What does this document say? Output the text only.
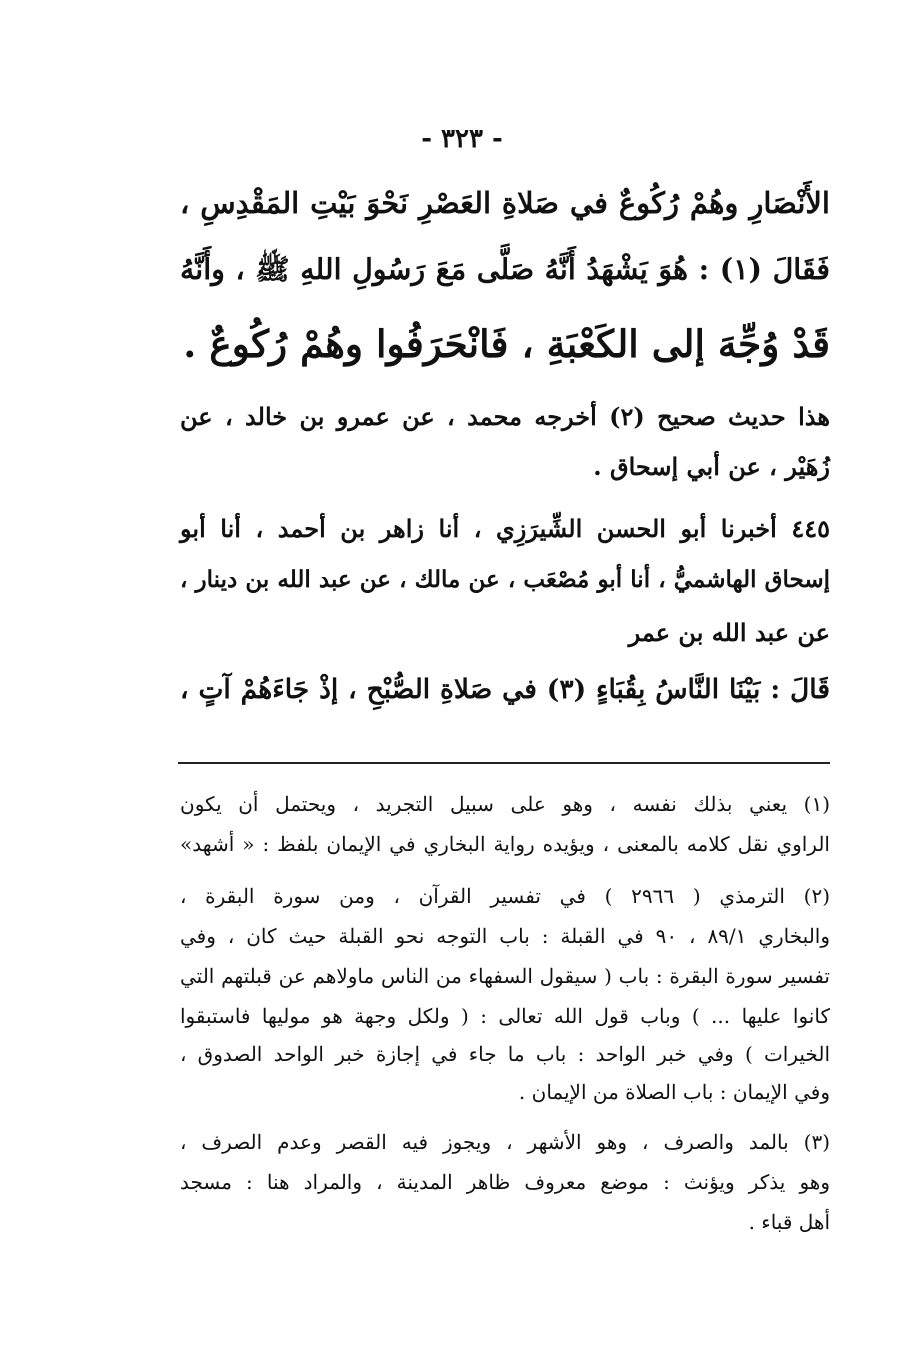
- ٣٢٣ -
الأَنْصَارِ وهُمْ رُكُوعٌ في صَلاةِ العَصْرِ نَحْوَ بَيْتِ المَقْدِسِ ،
فَقَالَ (١) : هُوَ يَشْهَدُ أَنَّهُ صَلَّى مَعَ رَسُولِ اللهِ ﷺ ، وأَنَّهُ
قَدْ وُجِّهَ إلى الكَعْبَةِ ، فَانْحَرَفُوا وهُمْ رُكُوعٌ .
هذا حديث صحيح (٢) أخرجه محمد ، عن عمرو بن خالد ، عن
زُهَيْر ، عن أبي إسحاق .
٤٤٥ أخبرنا أبو الحسن الشِّيرَزِي ، أنا زاهر بن أحمد ، أنا أبو
إسحاق الهاشميُّ ، أنا أبو مُصْعَب ، عن مالك ، عن عبد الله بن دينار ،
عن عبد الله بن عمر
قَالَ : بَيْنَا النَّاسُ بِقُبَاءٍ (٣) في صَلاةِ الصُّبْحِ ، إذْ جَاءَهُمْ آتٍ ،
(١) يعني بذلك نفسه ، وهو على سبيل التجريد ، ويحتمل أن يكون
الراوي نقل كلامه بالمعنى ، ويؤيده رواية البخاري في الإيمان بلفظ : « أشهد»
(٢) الترمذي ( ٢٩٦٦ ) في تفسير القرآن ، ومن سورة البقرة ،
والبخاري ٨٩/١ ، ٩٠ في القبلة : باب التوجه نحو القبلة حيث كان ، وفي
تفسير سورة البقرة : باب ( سيقول السفهاء من الناس ماولاهم عن قبلتهم التي
كانوا عليها ... ) وباب قول الله تعالى : ( ولكل وجهة هو موليها فاستبقوا
الخيرات ) وفي خبر الواحد : باب ما جاء في إجازة خبر الواحد الصدوق ،
وفي الإيمان : باب الصلاة من الإيمان .
(٣) بالمد والصرف ، وهو الأشهر ، ويجوز فيه القصر وعدم الصرف ،
وهو يذكر ويؤنث : موضع معروف ظاهر المدينة ، والمراد هنا : مسجد
أهل قباء .
